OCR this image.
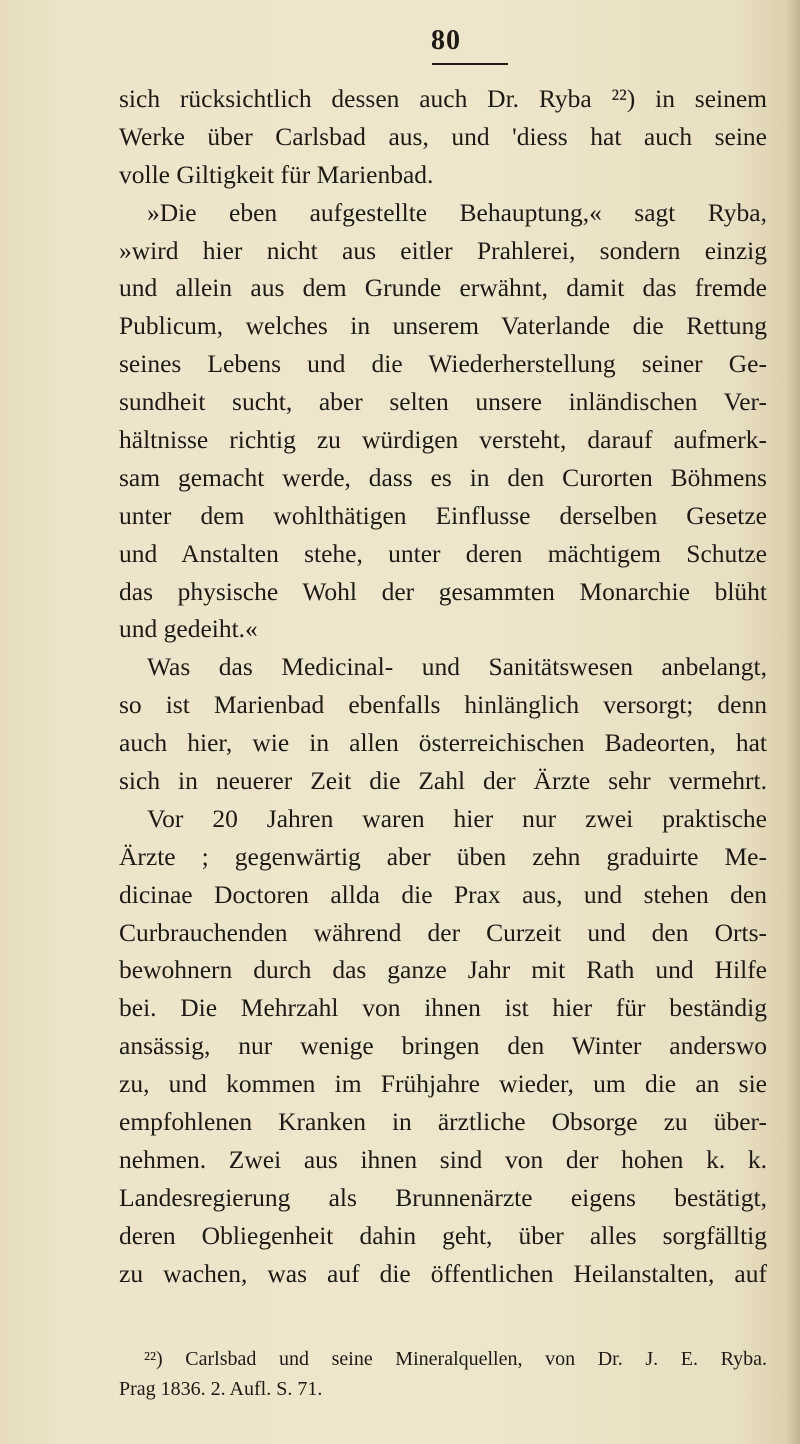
80
sich rücksichtlich dessen auch Dr. Ryba ²²) in seinem
Werke über Carlsbad aus, und 'diess hat auch seine
volle Giltigkeit für Marienbad.
»Die eben aufgestellte Behauptung,« sagt Ryba,
»wird hier nicht aus eitler Prahlerei, sondern einzig
und allein aus dem Grunde erwähnt, damit das fremde
Publicum, welches in unserem Vaterlande die Rettung
seines Lebens und die Wiederherstellung seiner Ge-
sundheit sucht, aber selten unsere inländischen Ver-
hältnisse richtig zu würdigen versteht, darauf aufmerk-
sam gemacht werde, dass es in den Curorten Böhmens
unter dem wohlthätigen Einflusse derselben Gesetze
und Anstalten stehe, unter deren mächtigem Schutze
das physische Wohl der gesammten Monarchie blüht
und gedeiht.«
Was das Medicinal- und Sanitätswesen anbelangt,
so ist Marienbad ebenfalls hinlänglich versorgt; denn
auch hier, wie in allen österreichischen Badeorten, hat
sich in neuerer Zeit die Zahl der Ärzte sehr vermehrt.
Vor 20 Jahren waren hier nur zwei praktische
Ärzte ; gegenwärtig aber üben zehn graduirte Me-
dicinae Doctoren allda die Prax aus, und stehen den
Curbrauchenden während der Curzeit und den Orts-
bewohnern durch das ganze Jahr mit Rath und Hilfe
bei. Die Mehrzahl von ihnen ist hier für beständig
ansässig, nur wenige bringen den Winter anderswo
zu, und kommen im Frühjahre wieder, um die an sie
empfohlenen Kranken in ärztliche Obsorge zu über-
nehmen. Zwei aus ihnen sind von der hohen k. k.
Landesregierung als Brunnenärzte eigens bestätigt,
deren Obliegenheit dahin geht, über alles sorgfälltig
zu wachen, was auf die öffentlichen Heilanstalten, auf
²²) Carlsbad und seine Mineralquellen, von Dr. J. E. Ryba.
Prag 1836. 2. Aufl. S. 71.
